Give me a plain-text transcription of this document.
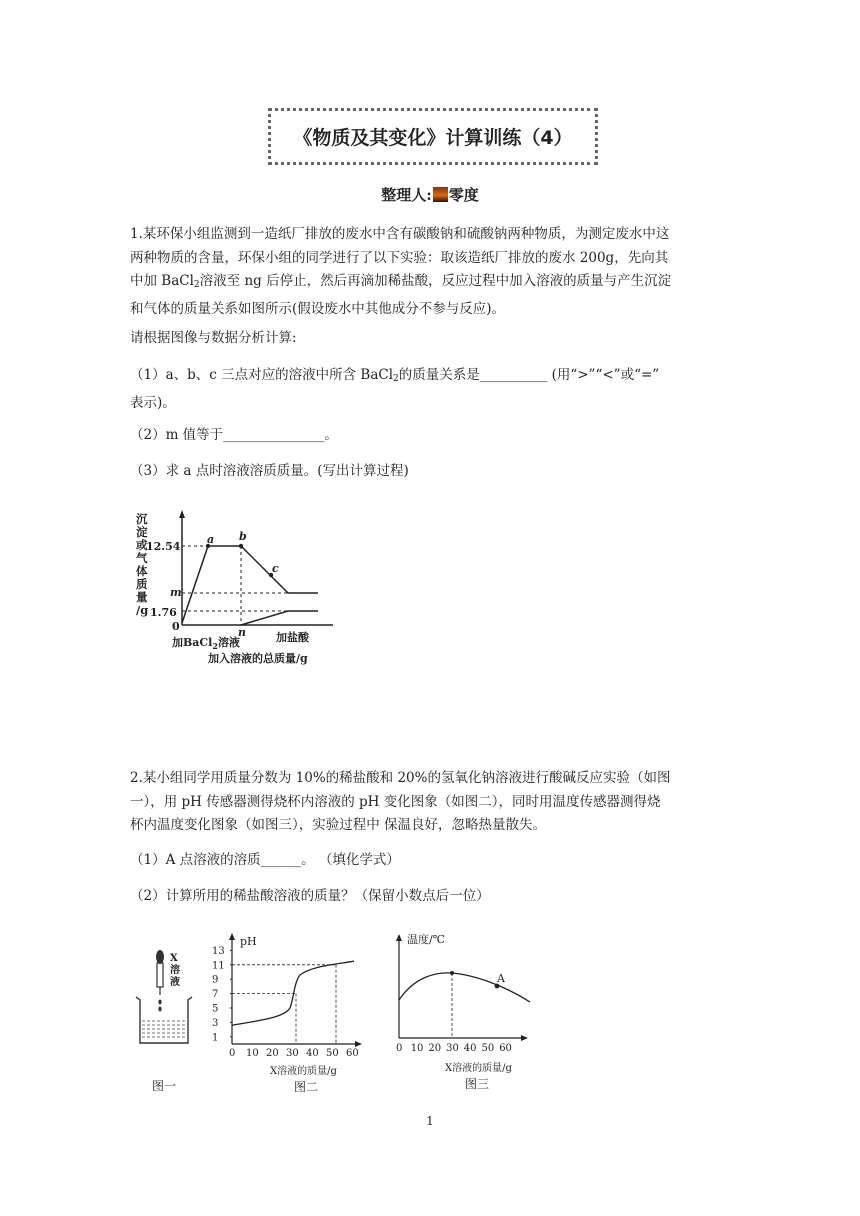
《物质及其变化》计算训练（4）
整理人: 零度
1.某环保小组监测到一造纸厂排放的废水中含有碳酸钠和硫酸钠两种物质，为测定废水中这
两种物质的含量，环保小组的同学进行了以下实验：取该造纸厂排放的废水 200g，先向其
中加 BaCl$_2$溶液至 ng 后停止，然后再滴加稀盐酸，反应过程中加入溶液的质量与产生沉淀
和气体的质量关系如图所示(假设废水中其他成分不参与反应)。
请根据图像与数据分析计算:
（1）a、b、c 三点对应的溶液中所含 BaCl$_2$的质量关系是__________ (用“>”“<”或“=”
表示)。
（2）m 值等于_______________。
（3）求 a 点时溶液溶质质量。(写出计算过程)
沉
淀
或
气
体
质
量
/g
12.54
m
1.76
0
a b
c
n
加BaCl$_2$溶液	加盐酸
加入溶液的总质量/g
2.某小组同学用质量分数为 10%的稀盐酸和 20%的氢氧化钠溶液进行酸碱反应实验（如图
一），用 pH 传感器测得烧杯内溶液的 pH 变化图象（如图二），同时用温度传感器测得烧
杯内温度变化图象（如图三），实验过程中 保温良好，忽略热量散失。
（1）A 点溶液的溶质______。 （填化学式）
（2）计算所用的稀盐酸溶液的质量？（保留小数点后一位）
X
溶
液
图一
pH
13
11
9
7
5
3
1
0 10 20 30 40 50 60
X溶液的质量/g
图二
温度/℃
A
0 10 20 30 40 50 60
X溶液的质量/g
图三
1
